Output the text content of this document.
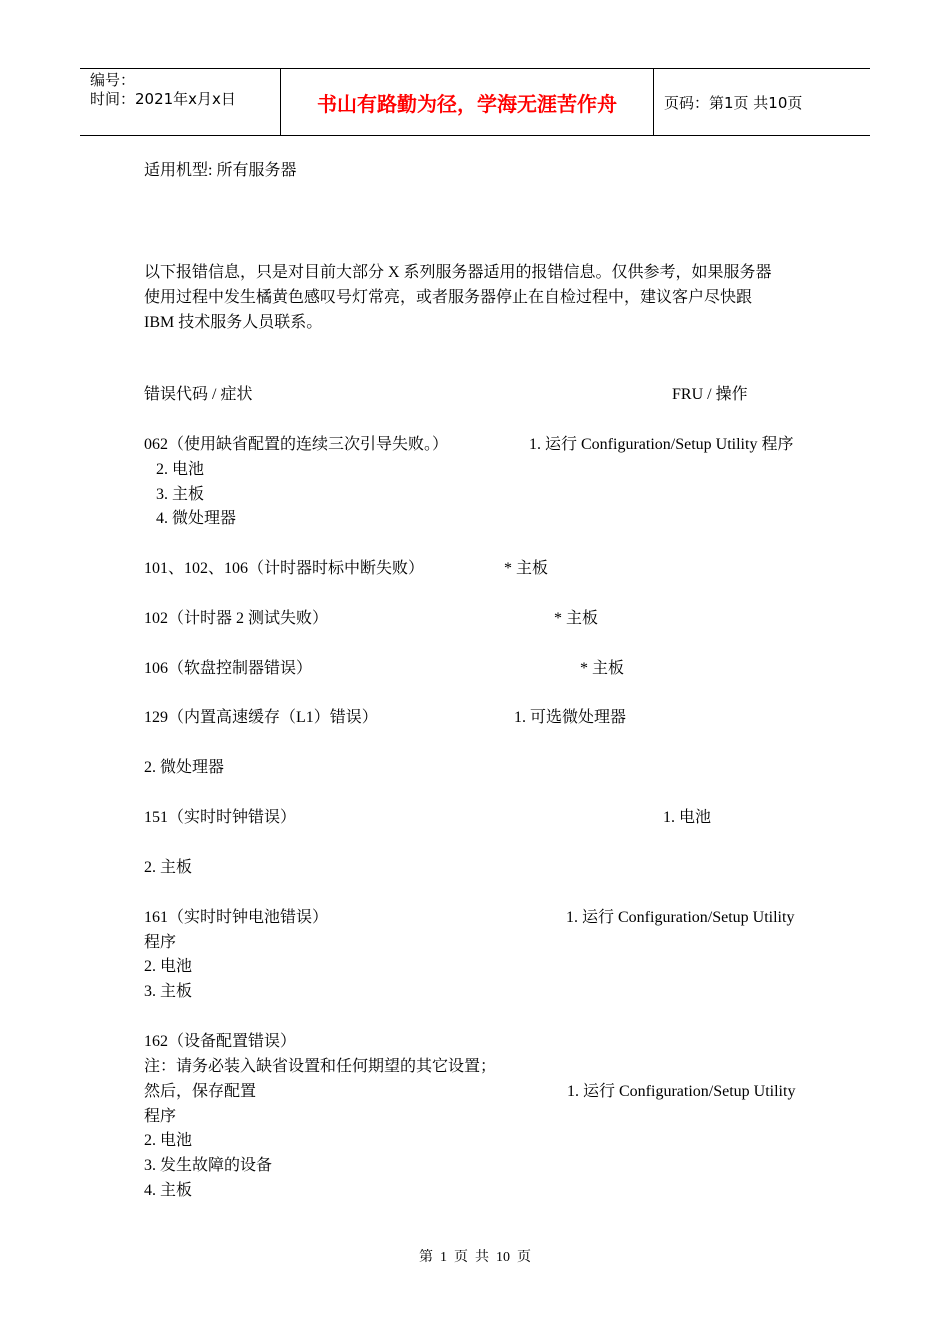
编号：
时间：2021年x月x日	书山有路勤为径，学海无涯苦作舟	页码：第1页 共10页
适用机型: 所有服务器
以下报错信息，只是对目前大部分 X 系列服务器适用的报错信息。仅供参考，如果服务器
使用过程中发生橘黄色感叹号灯常亮，或者服务器停止在自检过程中，建议客户尽快跟
IBM 技术服务人员联系。
错误代码 / 症状	FRU / 操作
062（使用缺省配置的连续三次引导失败。）	1. 运行 Configuration/Setup Utility 程序
2. 电池
3. 主板
4. 微处理器
101、102、106（计时器时标中断失败）	* 主板
102（计时器 2 测试失败）	* 主板
106（软盘控制器错误）	* 主板
129（内置高速缓存（L1）错误）	1. 可选微处理器
2. 微处理器
151（实时时钟错误）	1. 电池
2. 主板
161（实时时钟电池错误）	1. 运行 Configuration/Setup Utility
程序
2. 电池
3. 主板
162（设备配置错误）
注：请务必装入缺省设置和任何期望的其它设置；
然后，保存配置	1. 运行 Configuration/Setup Utility
程序
2. 电池
3. 发生故障的设备
4. 主板
第  1  页  共  10  页
